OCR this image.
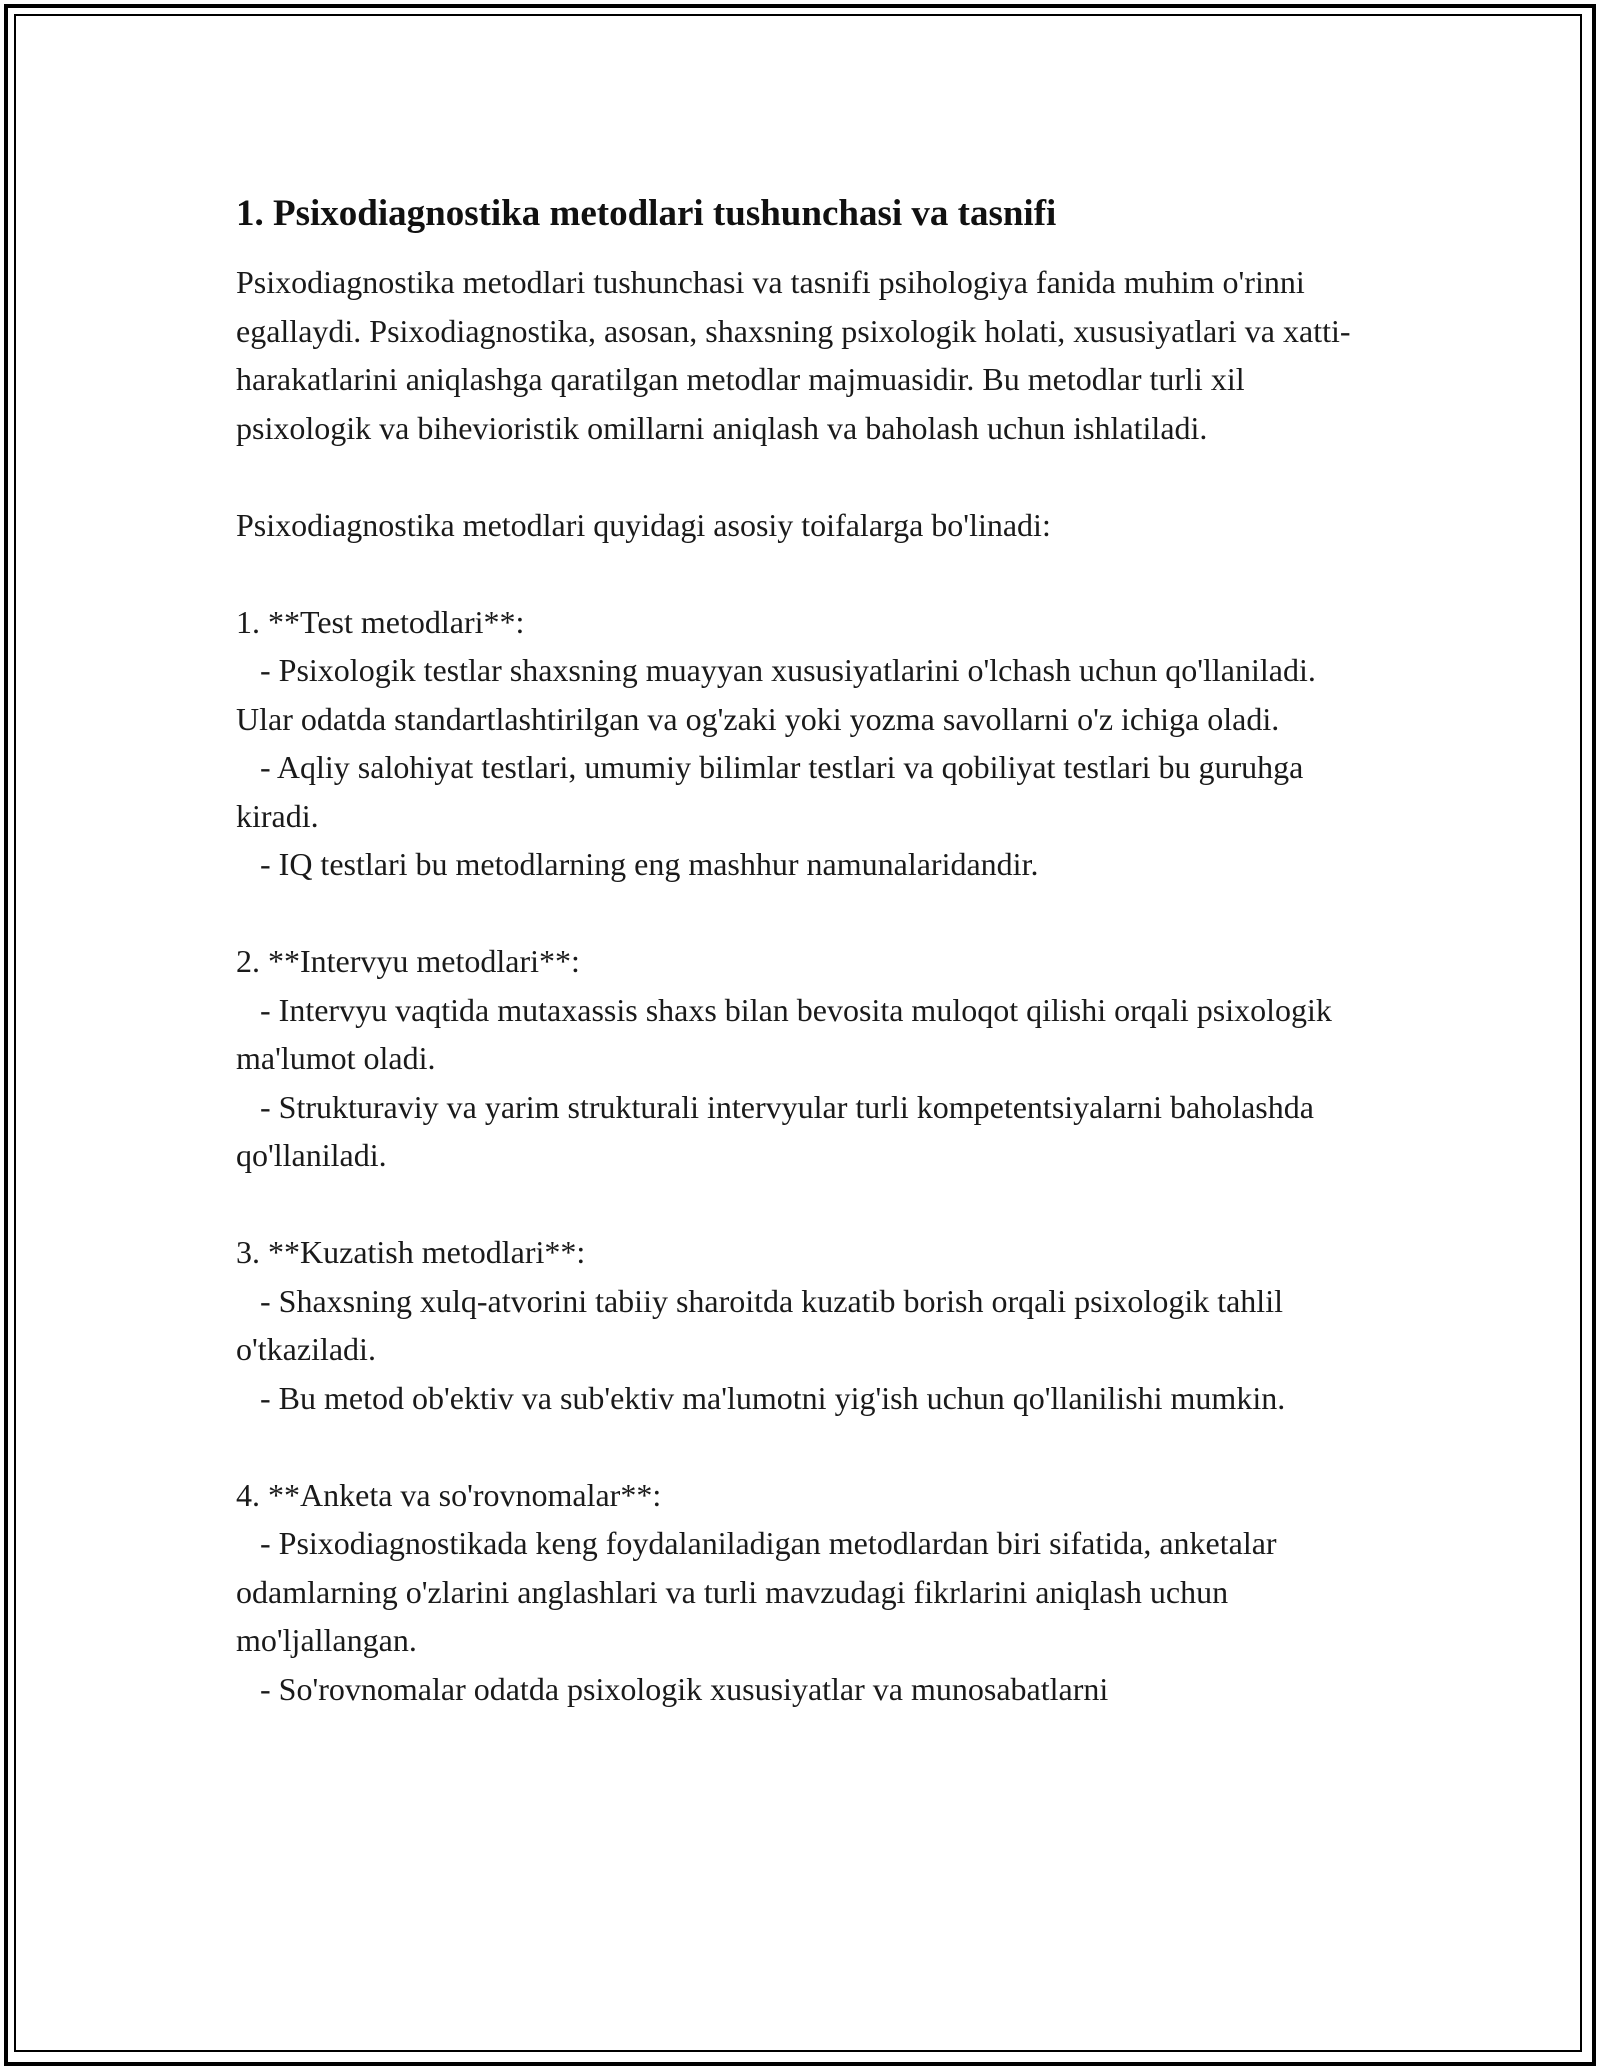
1. Psixodiagnostika metodlari tushunchasi va tasnifi

Psixodiagnostika metodlari tushunchasi va tasnifi psihologiya fanida muhim o'rinni egallaydi. Psixodiagnostika, asosan, shaxsning psixologik holati, xususiyatlari va xatti-harakatlarini aniqlashga qaratilgan metodlar majmuasidir. Bu metodlar turli xil psixologik va bihevioristik omillarni aniqlash va baholash uchun ishlatiladi.

Psixodiagnostika metodlari quyidagi asosiy toifalarga bo'linadi:

1. **Test metodlari**:

- Psixologik testlar shaxsning muayyan xususiyatlarini o'lchash uchun qo'llaniladi. Ular odatda standartlashtirilgan va og'zaki yoki yozma savollarni o'z ichiga oladi.

- Aqliy salohiyat testlari, umumiy bilimlar testlari va qobiliyat testlari bu guruhga kiradi.

- IQ testlari bu metodlarning eng mashhur namunalaridandir.

2. **Intervyu metodlari**:

- Intervyu vaqtida mutaxassis shaxs bilan bevosita muloqot qilishi orqali psixologik ma'lumot oladi.

- Strukturaviy va yarim strukturali intervyular turli kompetentsiyalarni baholashda qo'llaniladi.

3. **Kuzatish metodlari**:

- Shaxsning xulq-atvorini tabiiy sharoitda kuzatib borish orqali psixologik tahlil o'tkaziladi.

- Bu metod ob'ektiv va sub'ektiv ma'lumotni yig'ish uchun qo'llanilishi mumkin.

4. **Anketa va so'rovnomalar**:

- Psixodiagnostikada keng foydalaniladigan metodlardan biri sifatida, anketalar odamlarning o'zlarini anglashlari va turli mavzudagi fikrlarini aniqlash uchun mo'ljallangan.

- So'rovnomalar odatda psixologik xususiyatlar va munosabatlarni
